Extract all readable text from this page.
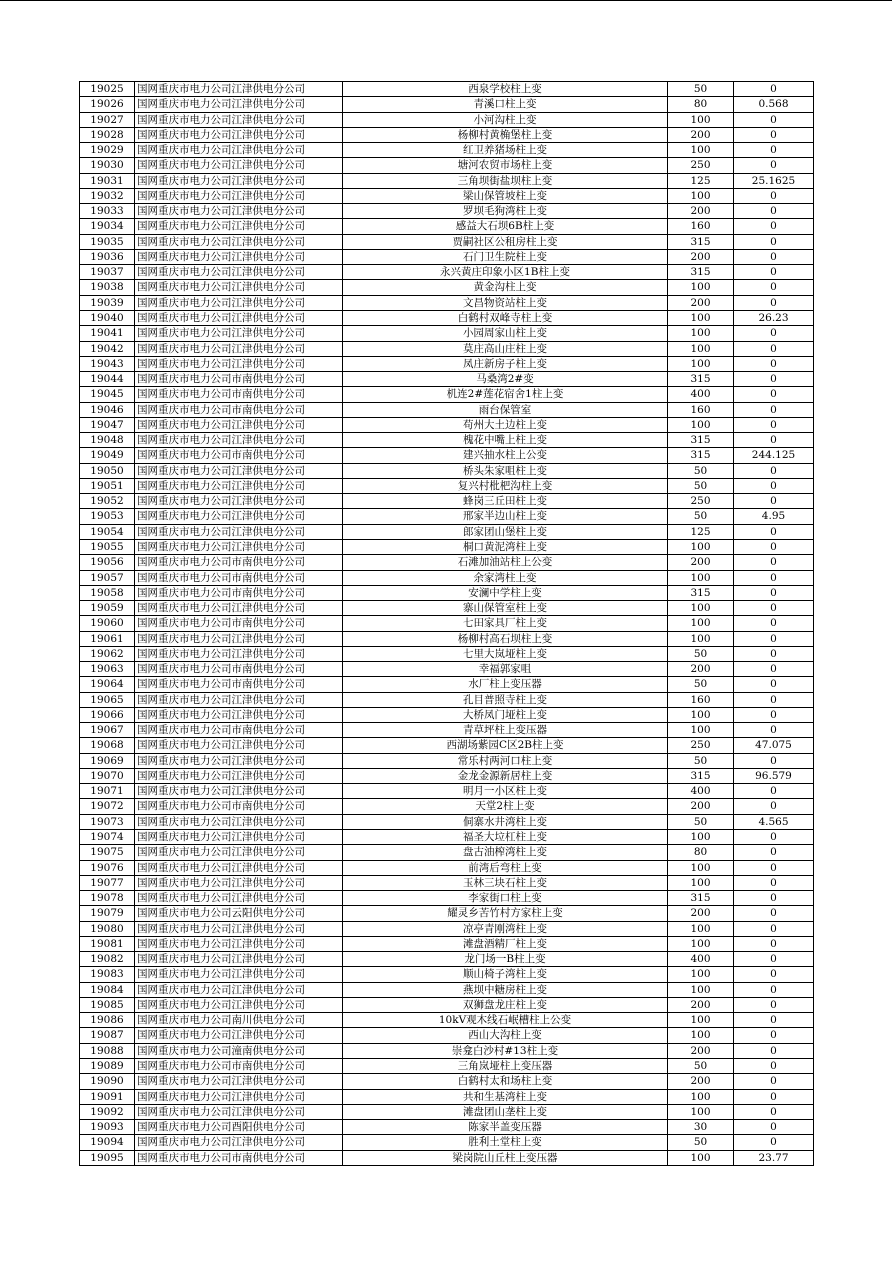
19025	国网重庆市电力公司江津供电分公司	西泉学校柱上变	50	0
19026	国网重庆市电力公司江津供电分公司	青溪口柱上变	80	0.568
19027	国网重庆市电力公司江津供电分公司	小河沟柱上变	100	0
19028	国网重庆市电力公司江津供电分公司	杨柳村黄桷堡柱上变	200	0
19029	国网重庆市电力公司江津供电分公司	红卫养猪场柱上变	100	0
19030	国网重庆市电力公司江津供电分公司	塘河农贸市场柱上变	250	0
19031	国网重庆市电力公司江津供电分公司	三角坝街盐坝柱上变	125	25.1625
19032	国网重庆市电力公司江津供电分公司	梁山保管坡柱上变	100	0
19033	国网重庆市电力公司江津供电分公司	罗坝毛狗湾柱上变	200	0
19034	国网重庆市电力公司江津供电分公司	感益大石坝6B柱上变	160	0
19035	国网重庆市电力公司江津供电分公司	贾嗣社区公租房柱上变	315	0
19036	国网重庆市电力公司江津供电分公司	石门卫生院柱上变	200	0
19037	国网重庆市电力公司江津供电分公司	永兴黄庄印象小区1B柱上变	315	0
19038	国网重庆市电力公司江津供电分公司	黄金沟柱上变	100	0
19039	国网重庆市电力公司江津供电分公司	文昌物资站柱上变	200	0
19040	国网重庆市电力公司江津供电分公司	白鹤村双峰寺柱上变	100	26.23
19041	国网重庆市电力公司江津供电分公司	小园周家山柱上变	100	0
19042	国网重庆市电力公司江津供电分公司	莫庄高山庄柱上变	100	0
19043	国网重庆市电力公司江津供电分公司	凤庄新房子柱上变	100	0
19044	国网重庆市电力公司市南供电分公司	马桑湾2#变	315	0
19045	国网重庆市电力公司市南供电分公司	机连2#莲花宿舍1柱上变	400	0
19046	国网重庆市电力公司市南供电分公司	雨台保管室	160	0
19047	国网重庆市电力公司江津供电分公司	苟州大土边柱上变	100	0
19048	国网重庆市电力公司江津供电分公司	槐花中嘴上柱上变	315	0
19049	国网重庆市电力公司市南供电分公司	建兴抽水柱上公变	315	244.125
19050	国网重庆市电力公司江津供电分公司	桥头朱家咀柱上变	50	0
19051	国网重庆市电力公司江津供电分公司	复兴村枇杷沟柱上变	50	0
19052	国网重庆市电力公司江津供电分公司	蜂岗三丘田柱上变	250	0
19053	国网重庆市电力公司江津供电分公司	邢家半边山柱上变	50	4.95
19054	国网重庆市电力公司江津供电分公司	郎家团山堡柱上变	125	0
19055	国网重庆市电力公司江津供电分公司	桐口黄泥湾柱上变	100	0
19056	国网重庆市电力公司市南供电分公司	石滩加油站柱上公变	200	0
19057	国网重庆市电力公司市南供电分公司	余家湾柱上变	100	0
19058	国网重庆市电力公司市南供电分公司	安澜中学柱上变	315	0
19059	国网重庆市电力公司江津供电分公司	寨山保管室柱上变	100	0
19060	国网重庆市电力公司市南供电分公司	七田家具厂柱上变	100	0
19061	国网重庆市电力公司江津供电分公司	杨柳村高石坝柱上变	100	0
19062	国网重庆市电力公司江津供电分公司	七里大岚垭柱上变	50	0
19063	国网重庆市电力公司市南供电分公司	幸福郭家咀	200	0
19064	国网重庆市电力公司市南供电分公司	水厂柱上变压器	50	0
19065	国网重庆市电力公司江津供电分公司	孔目普照寺柱上变	160	0
19066	国网重庆市电力公司江津供电分公司	大桥凤门垭柱上变	100	0
19067	国网重庆市电力公司市南供电分公司	青草坪柱上变压器	100	0
19068	国网重庆市电力公司江津供电分公司	西湖场紫园C区2B柱上变	250	47.075
19069	国网重庆市电力公司江津供电分公司	常乐村两河口柱上变	50	0
19070	国网重庆市电力公司江津供电分公司	金龙金源新居柱上变	315	96.579
19071	国网重庆市电力公司江津供电分公司	明月一小区柱上变	400	0
19072	国网重庆市电力公司市南供电分公司	天堂2柱上变	200	0
19073	国网重庆市电力公司江津供电分公司	侗寨水井湾柱上变	50	4.565
19074	国网重庆市电力公司江津供电分公司	福圣大垃杠柱上变	100	0
19075	国网重庆市电力公司江津供电分公司	盘古油榨湾柱上变	80	0
19076	国网重庆市电力公司江津供电分公司	前湾后弯柱上变	100	0
19077	国网重庆市电力公司江津供电分公司	玉林三块石柱上变	100	0
19078	国网重庆市电力公司江津供电分公司	李家街口柱上变	315	0
19079	国网重庆市电力公司云阳供电分公司	耀灵乡苦竹村方家柱上变	200	0
19080	国网重庆市电力公司江津供电分公司	凉亭青刚湾柱上变	100	0
19081	国网重庆市电力公司江津供电分公司	滩盘酒精厂柱上变	100	0
19082	国网重庆市电力公司江津供电分公司	龙门场一B柱上变	400	0
19083	国网重庆市电力公司江津供电分公司	顺山椅子湾柱上变	100	0
19084	国网重庆市电力公司江津供电分公司	燕坝中糖房柱上变	100	0
19085	国网重庆市电力公司江津供电分公司	双狮盘龙庄柱上变	200	0
19086	国网重庆市电力公司南川供电分公司	10kV观木线石岷槽柱上公变	100	0
19087	国网重庆市电力公司江津供电分公司	西山大沟柱上变	100	0
19088	国网重庆市电力公司潼南供电分公司	崇龛白沙村#13柱上变	200	0
19089	国网重庆市电力公司市南供电分公司	三角岚垭柱上变压器	50	0
19090	国网重庆市电力公司江津供电分公司	白鹤村太和场柱上变	200	0
19091	国网重庆市电力公司江津供电分公司	共和生基湾柱上变	100	0
19092	国网重庆市电力公司江津供电分公司	滩盘团山垄柱上变	100	0
19093	国网重庆市电力公司酉阳供电分公司	陈家半盖变压器	30	0
19094	国网重庆市电力公司江津供电分公司	胜利土堂柱上变	50	0
19095	国网重庆市电力公司市南供电分公司	梁岗院山丘柱上变压器	100	23.77
